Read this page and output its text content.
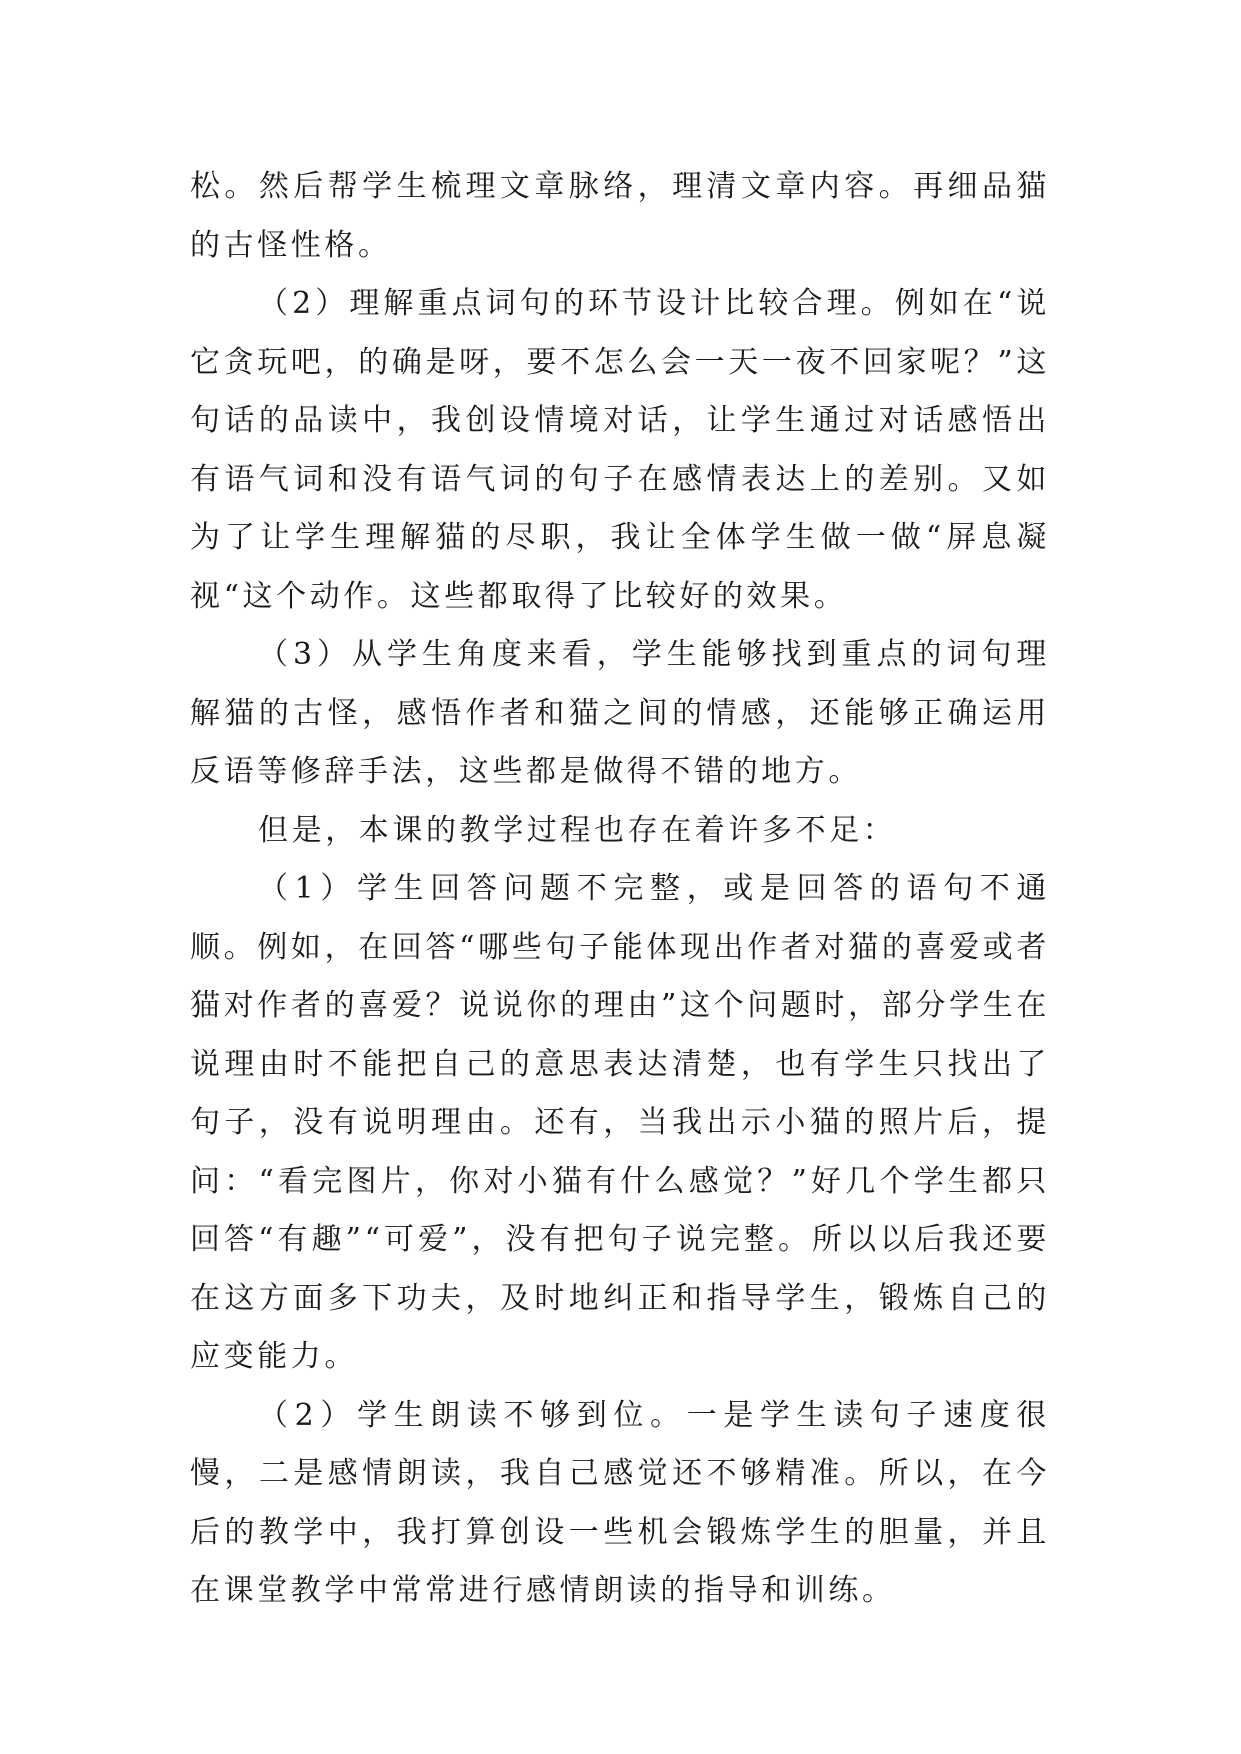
松。然后帮学生梳理文章脉络，理清文章内容。再细品猫的古怪性格。

（2）理解重点词句的环节设计比较合理。例如在“说它贪玩吧，的确是呀，要不怎么会一天一夜不回家呢？”这句话的品读中，我创设情境对话，让学生通过对话感悟出有语气词和没有语气词的句子在感情表达上的差别。又如为了让学生理解猫的尽职，我让全体学生做一做“屏息凝视“这个动作。这些都取得了比较好的效果。

（3）从学生角度来看，学生能够找到重点的词句理解猫的古怪，感悟作者和猫之间的情感，还能够正确运用反语等修辞手法，这些都是做得不错的地方。

但是，本课的教学过程也存在着许多不足：

（1）学生回答问题不完整，或是回答的语句不通顺。例如，在回答“哪些句子能体现出作者对猫的喜爱或者猫对作者的喜爱？说说你的理由”这个问题时，部分学生在说理由时不能把自己的意思表达清楚，也有学生只找出了句子，没有说明理由。还有，当我出示小猫的照片后，提问：“看完图片，你对小猫有什么感觉？”好几个学生都只回答“有趣”“可爱”，没有把句子说完整。所以以后我还要在这方面多下功夫，及时地纠正和指导学生，锻炼自己的应变能力。

（2）学生朗读不够到位。一是学生读句子速度很慢，二是感情朗读，我自己感觉还不够精准。所以，在今后的教学中，我打算创设一些机会锻炼学生的胆量，并且在课堂教学中常常进行感情朗读的指导和训练。
